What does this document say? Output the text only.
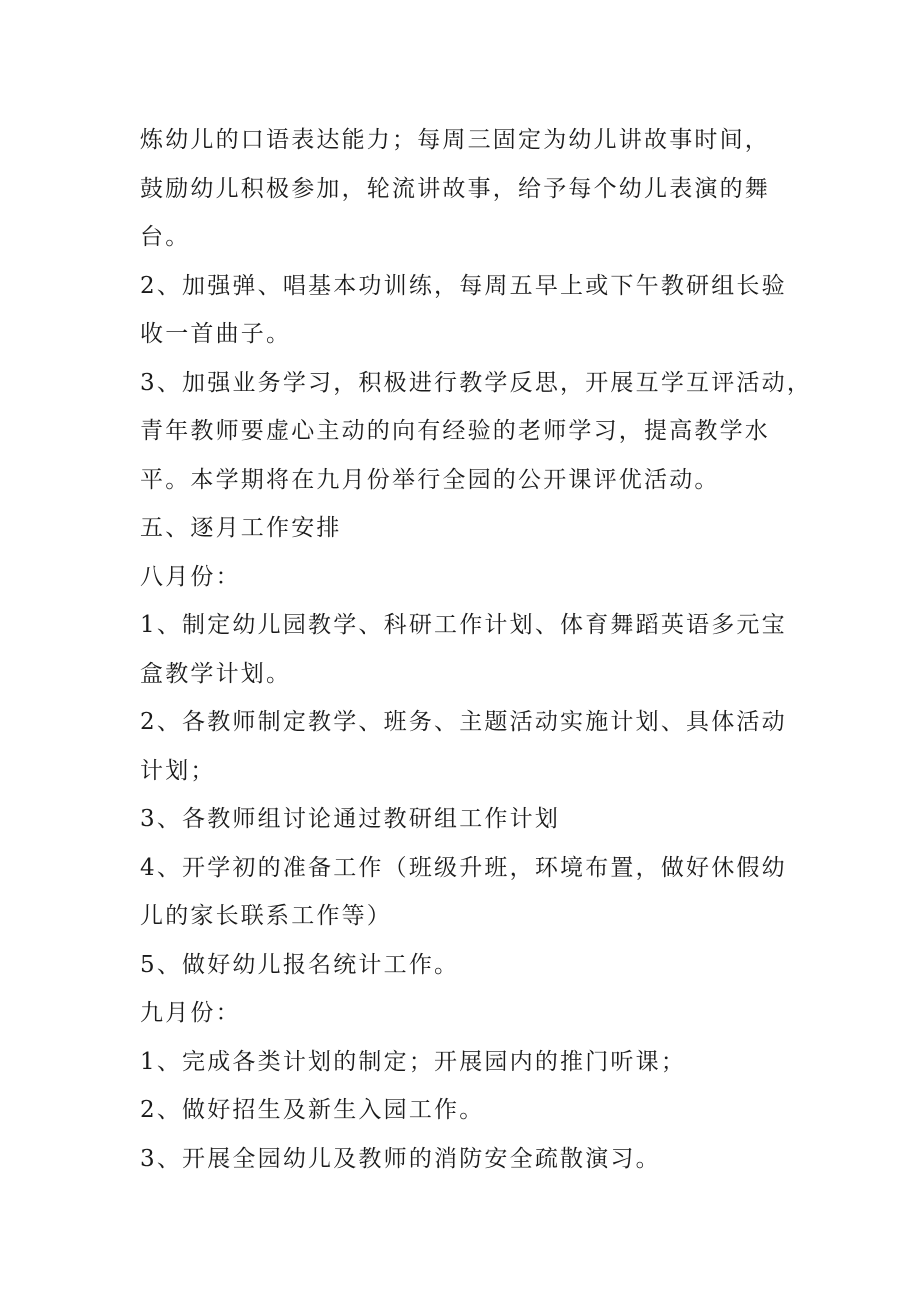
炼幼儿的口语表达能力；每周三固定为幼儿讲故事时间，
鼓励幼儿积极参加，轮流讲故事，给予每个幼儿表演的舞
台。
2、加强弹、唱基本功训练，每周五早上或下午教研组长验
收一首曲子。
3、加强业务学习，积极进行教学反思，开展互学互评活动，
青年教师要虚心主动的向有经验的老师学习，提高教学水
平。本学期将在九月份举行全园的公开课评优活动。
五、逐月工作安排
八月份：
1、制定幼儿园教学、科研工作计划、体育舞蹈英语多元宝
盒教学计划。
2、各教师制定教学、班务、主题活动实施计划、具体活动
计划；
3、各教师组讨论通过教研组工作计划
4、开学初的准备工作（班级升班，环境布置，做好休假幼
儿的家长联系工作等）
5、做好幼儿报名统计工作。
九月份：
1、完成各类计划的制定；开展园内的推门听课；
2、做好招生及新生入园工作。
3、开展全园幼儿及教师的消防安全疏散演习。
